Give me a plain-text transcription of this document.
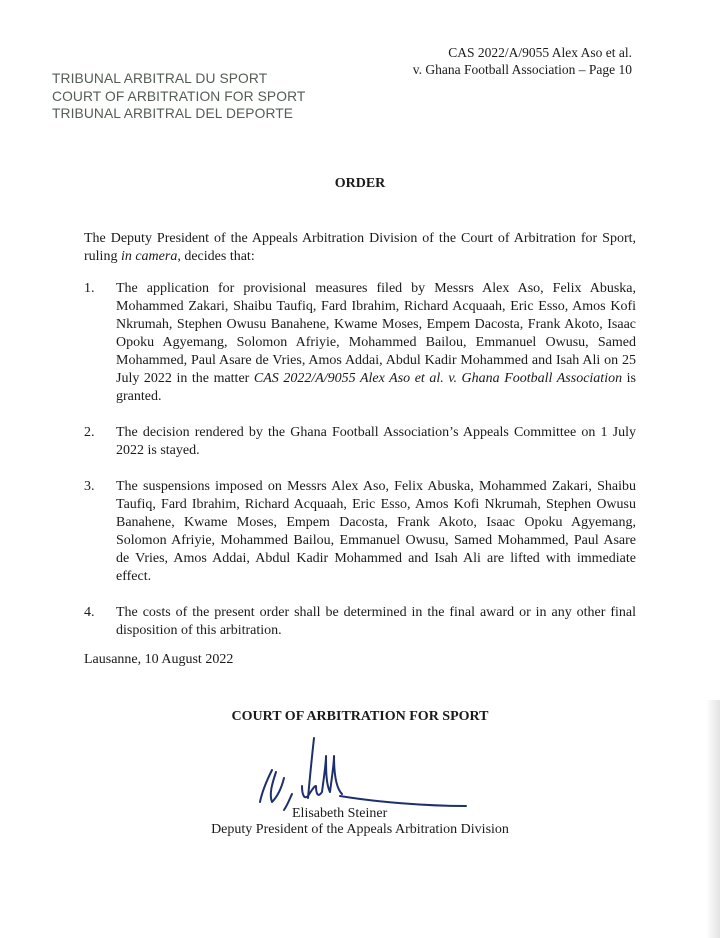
CAS 2022/A/9055 Alex Aso et al.
v. Ghana Football Association – Page 10
TRIBUNAL ARBITRAL DU SPORT
COURT OF ARBITRATION FOR SPORT
TRIBUNAL ARBITRAL DEL DEPORTE
ORDER
The Deputy President of the Appeals Arbitration Division of the Court of Arbitration for Sport, ruling in camera, decides that:
1. The application for provisional measures filed by Messrs Alex Aso, Felix Abuska, Mohammed Zakari, Shaibu Taufiq, Fard Ibrahim, Richard Acquaah, Eric Esso, Amos Kofi Nkrumah, Stephen Owusu Banahene, Kwame Moses, Empem Dacosta, Frank Akoto, Isaac Opoku Agyemang, Solomon Afriyie, Mohammed Bailou, Emmanuel Owusu, Samed Mohammed, Paul Asare de Vries, Amos Addai, Abdul Kadir Mohammed and Isah Ali on 25 July 2022 in the matter CAS 2022/A/9055 Alex Aso et al. v. Ghana Football Association is granted.
2. The decision rendered by the Ghana Football Association’s Appeals Committee on 1 July 2022 is stayed.
3. The suspensions imposed on Messrs Alex Aso, Felix Abuska, Mohammed Zakari, Shaibu Taufiq, Fard Ibrahim, Richard Acquaah, Eric Esso, Amos Kofi Nkrumah, Stephen Owusu Banahene, Kwame Moses, Empem Dacosta, Frank Akoto, Isaac Opoku Agyemang, Solomon Afriyie, Mohammed Bailou, Emmanuel Owusu, Samed Mohammed, Paul Asare de Vries, Amos Addai, Abdul Kadir Mohammed and Isah Ali are lifted with immediate effect.
4. The costs of the present order shall be determined in the final award or in any other final disposition of this arbitration.
Lausanne, 10 August 2022
COURT OF ARBITRATION FOR SPORT
Elisabeth Steiner
Deputy President of the Appeals Arbitration Division
